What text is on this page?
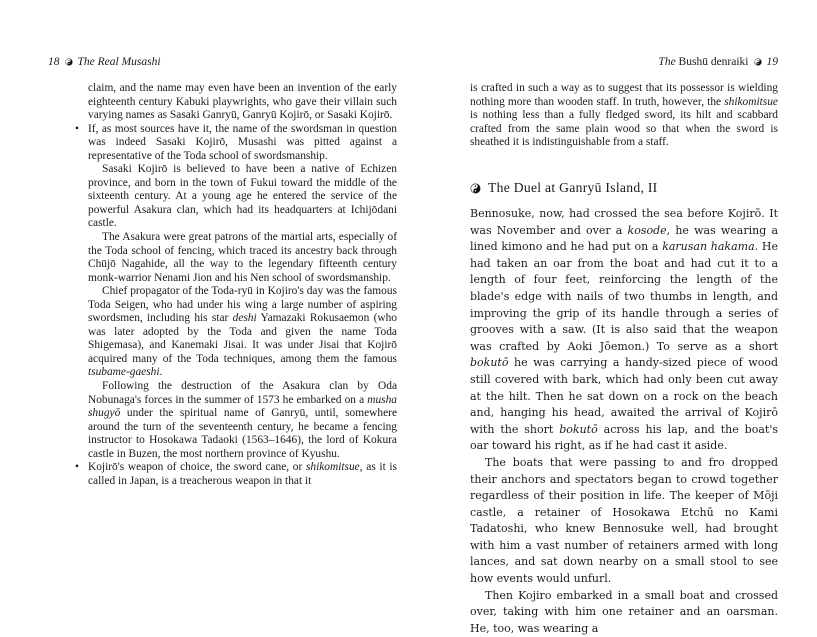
18 The Real Musashi

claim, and the name may even have been an invention of the early eighteenth century Kabuki playwrights, who gave their villain such varying names as Sasaki Ganryū, Ganryū Kojirō, or Sasaki Kojirō.

• If, as most sources have it, the name of the swordsman in question was indeed Sasaki Kojirō, Musashi was pitted against a representative of the Toda school of swordsmanship.

Sasaki Kojirō is believed to have been a native of Echizen province, and born in the town of Fukui toward the middle of the sixteenth century. At a young age he entered the service of the powerful Asakura clan, which had its headquarters at Ichijōdani castle.

The Asakura were great patrons of the martial arts, especially of the Toda school of fencing, which traced its ancestry back through Chūjō Nagahide, all the way to the legendary fifteenth century monk-warrior Nenami Jion and his Nen school of swordsmanship.

Chief propagator of the Toda-ryū in Kojiro's day was the famous Toda Seigen, who had under his wing a large number of aspiring swordsmen, including his star deshi Yamazaki Rokusaemon (who was later adopted by the Toda and given the name Toda Shigemasa), and Kanemaki Jisai. It was under Jisai that Kojirō acquired many of the Toda techniques, among them the famous tsubame-gaeshi.

Following the destruction of the Asakura clan by Oda Nobunaga's forces in the summer of 1573 he embarked on a musha shugyō under the spiritual name of Ganryū, until, somewhere around the turn of the seventeenth century, he became a fencing instructor to Hosokawa Tadaoki (1563–1646), the lord of Kokura castle in Buzen, the most northern province of Kyushu.

• Kojirō's weapon of choice, the sword cane, or shikomitsue, as it is called in Japan, is a treacherous weapon in that it

The Bushū denraiki 19

is crafted in such a way as to suggest that its possessor is wielding nothing more than wooden staff. In truth, however, the shikomitsue is nothing less than a fully fledged sword, its hilt and scabbard crafted from the same plain wood so that when the sword is sheathed it is indistinguishable from a staff.

The Duel at Ganryū Island, II

Bennosuke, now, had crossed the sea before Kojirō. It was November and over a kosode, he was wearing a lined kimono and he had put on a karusan hakama. He had taken an oar from the boat and had cut it to a length of four feet, reinforcing the length of the blade's edge with nails of two thumbs in length, and improving the grip of its handle through a series of grooves with a saw. (It is also said that the weapon was crafted by Aoki Jōemon.) To serve as a short bokutō he was carrying a handy-sized piece of wood still covered with bark, which had only been cut away at the hilt. Then he sat down on a rock on the beach and, hanging his head, awaited the arrival of Kojirō with the short bokutō across his lap, and the boat's oar toward his right, as if he had cast it aside.

The boats that were passing to and fro dropped their anchors and spectators began to crowd together regardless of their position in life. The keeper of Mōji castle, a retainer of Hosokawa Etchū no Kami Tadatoshi, who knew Bennosuke well, had brought with him a vast number of retainers armed with long lances, and sat down nearby on a small stool to see how events would unfurl.

Then Kojiro embarked in a small boat and crossed over, taking with him one retainer and an oarsman. He, too, was wearing a
